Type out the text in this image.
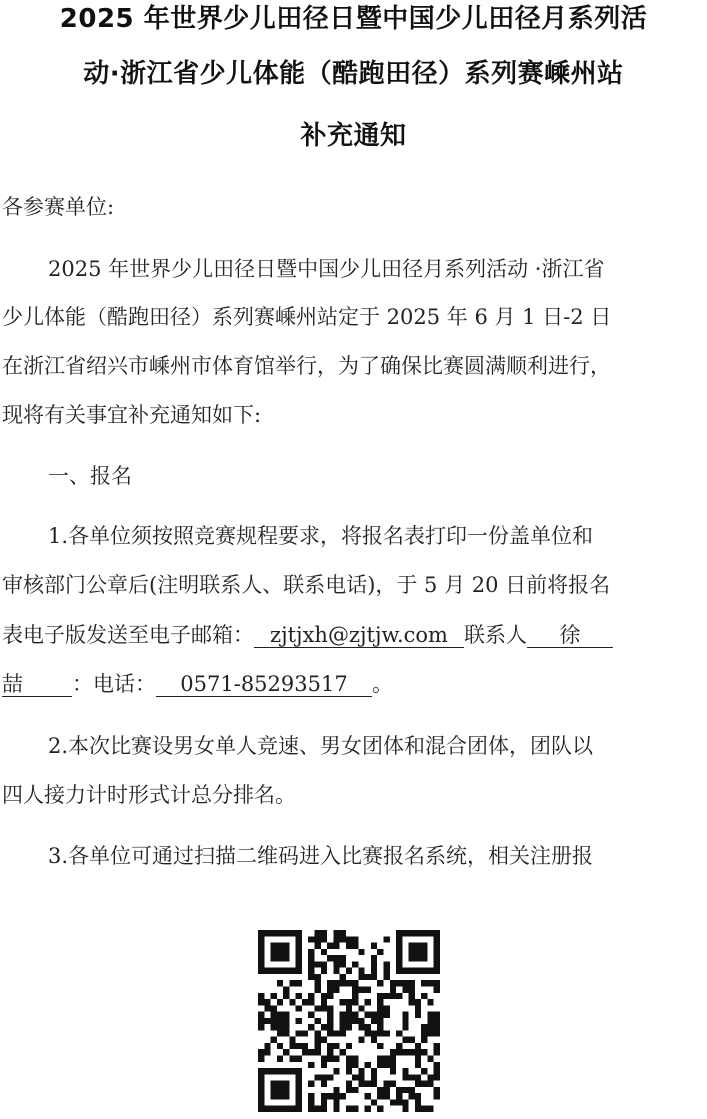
2025 年世界少儿田径日暨中国少儿田径月系列活
动·浙江省少儿体能（酷跑田径）系列赛嵊州站
补充通知
各参赛单位:
2025 年世界少儿田径日暨中国少儿田径月系列活动 ·浙江省
少儿体能（酷跑田径）系列赛嵊州站定于 2025 年 6 月 1 日-2 日
在浙江省绍兴市嵊州市体育馆举行，为了确保比赛圆满顺利进行，
现将有关事宜补充通知如下:
一、报名
1.各单位须按照竞赛规程要求，将报名表打印一份盖单位和
审核部门公章后(注明联系人、联系电话)，于 5 月 20 日前将报名
表电子版发送至电子邮箱： zjtjxh@zjtjw.com 联系人 徐
喆 ：电话： 0571-85293517 。
2.本次比赛设男女单人竞速、男女团体和混合团体，团队以
四人接力计时形式计总分排名。
3.各单位可通过扫描二维码进入比赛报名系统，相关注册报
